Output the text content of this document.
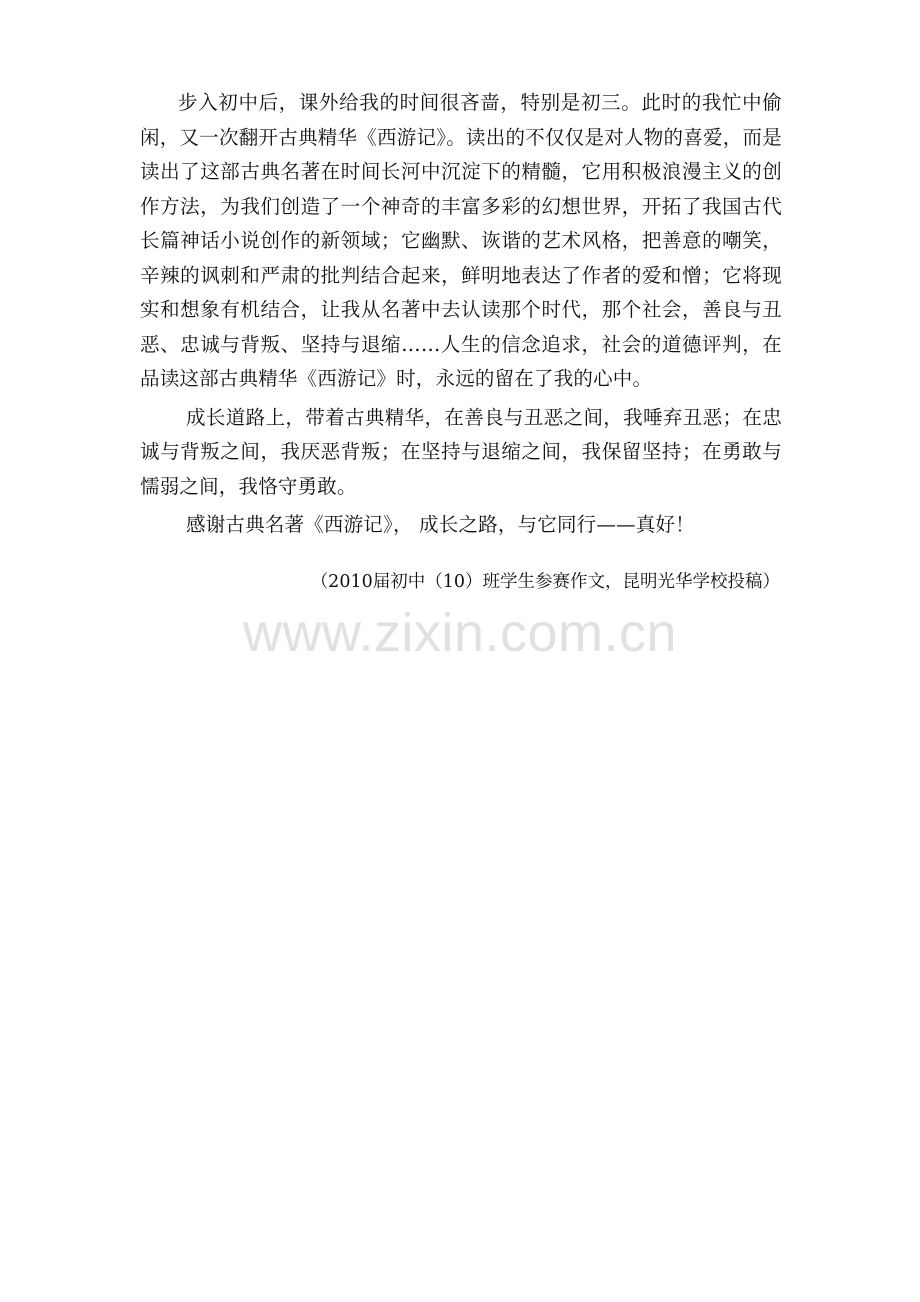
步入初中后，课外给我的时间很吝啬，特别是初三。此时的我忙中偷闲，又一次翻开古典精华《西游记》。读出的不仅仅是对人物的喜爱，而是读出了这部古典名著在时间长河中沉淀下的精髓，它用积极浪漫主义的创作方法，为我们创造了一个神奇的丰富多彩的幻想世界，开拓了我国古代长篇神话小说创作的新领域；它幽默、诙谐的艺术风格，把善意的嘲笑，辛辣的讽刺和严肃的批判结合起来，鲜明地表达了作者的爱和憎；它将现实和想象有机结合，让我从名著中去认读那个时代，那个社会，善良与丑恶、忠诚与背叛、坚持与退缩……人生的信念追求，社会的道德评判，在品读这部古典精华《西游记》时，永远的留在了我的心中。

成长道路上，带着古典精华，在善良与丑恶之间，我唾弃丑恶；在忠诚与背叛之间，我厌恶背叛；在坚持与退缩之间，我保留坚持；在勇敢与懦弱之间，我恪守勇敢。

感谢古典名著《西游记》， 成长之路，与它同行——真好！

（2010届初中（10）班学生参赛作文，昆明光华学校投稿）

www.zixin.com.cn
